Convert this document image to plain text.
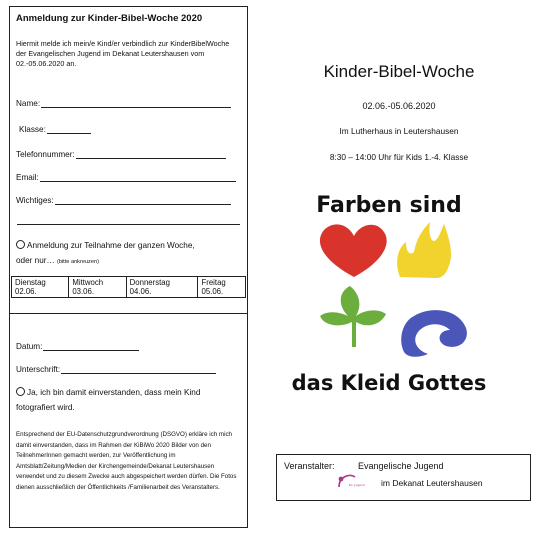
Anmeldung zur Kinder-Bibel-Woche 2020
Hiermit melde ich mein/e Kind/er verbindlich zur KinderBibelWoche der Evangelischen Jugend im Dekanat Leutershausen vom 02.-05.06.2020 an.
Name:
Klasse:
Telefonnummer:
Email:
Wichtiges:
Anmeldung zur Teilnahme der ganzen Woche,
oder nur… (bitte ankreuzen)
Dienstag
02.06.

Mittwoch
03.06.

Donnerstag
04.06.

Freitag
05.06.
Datum:
Unterschrift:
Ja, ich bin damit einverstanden, dass mein Kind
fotografiert wird.
Entsprechend der EU-Datenschutzgrundverordnung (DSGVO) erkläre ich mich damit einverstanden, dass im Rahmen der KiBiWo 2020 Bilder von den TeilnehmerInnen gemacht werden, zur Veröffentlichung im Amtsblatt/Zeitung/Medien der Kirchengemeinde/Dekanat Leutershausen verwendet und zu diesem Zwecke auch abgespeichert werden dürfen. Die Fotos dienen ausschließlich der Öffentlichkeits /Familienarbeit des Veranstalters.
Kinder-Bibel-Woche
02.06.-05.06.2020
Im Lutherhaus in Leutershausen
8:30 – 14:00 Uhr für Kids 1.-4. Klasse
Farben sind
das Kleid Gottes
Veranstalter:	Evangelische Jugend
Ev. Jugend im Dekanat Leutershausen
